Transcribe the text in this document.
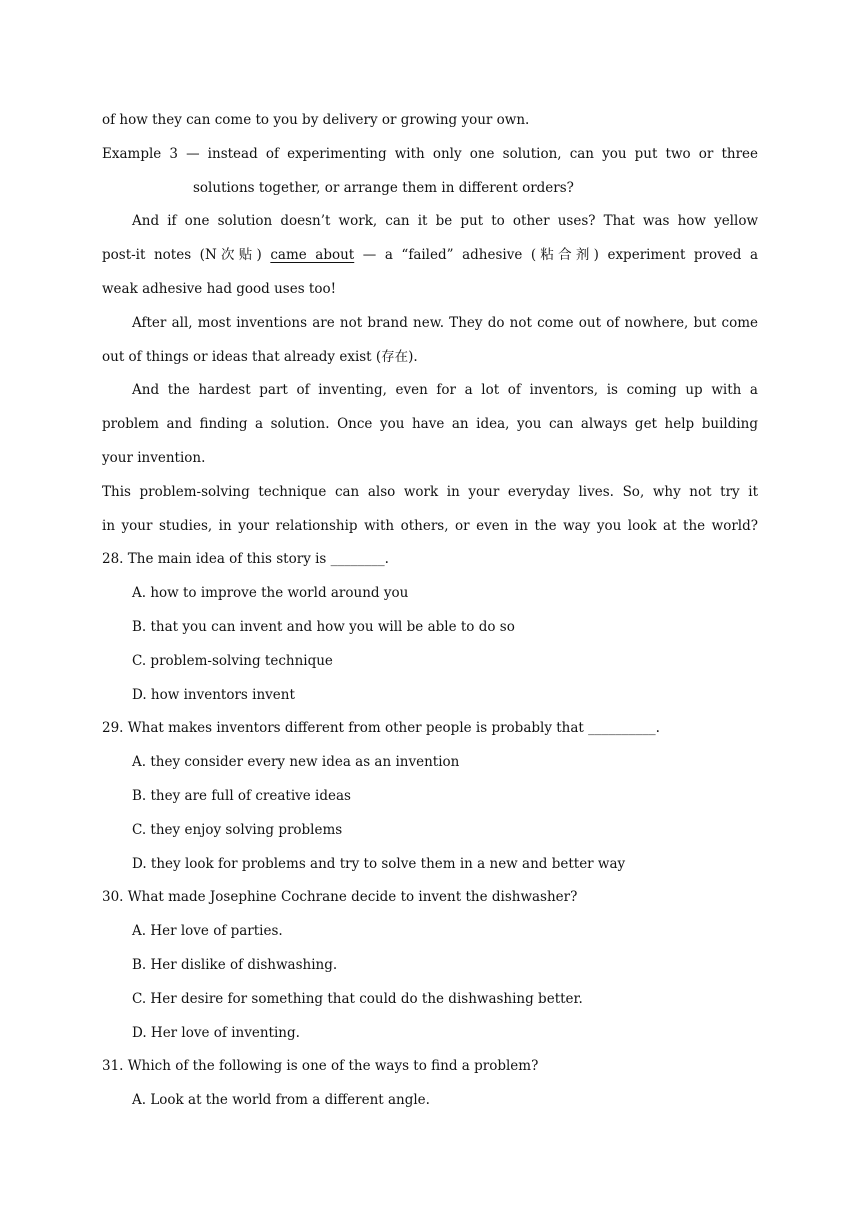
of how they can come to you by delivery or growing your own.
Example 3 — instead of experimenting with only one solution, can you put two or three
solutions together, or arrange them in different orders?
And if one solution doesn’t work, can it be put to other uses? That was how yellow
post-it notes (N次贴) came about — a “failed” adhesive (粘合剂) experiment proved a
weak adhesive had good uses too!
After all, most inventions are not brand new. They do not come out of nowhere, but come
out of things or ideas that already exist (存在).
And the hardest part of inventing, even for a lot of inventors, is coming up with a
problem and finding a solution. Once you have an idea, you can always get help building
your invention.
This problem-solving technique can also work in your everyday lives. So, why not try it
in your studies, in your relationship with others, or even in the way you look at the world?
28. The main idea of this story is ________.
A. how to improve the world around you
B. that you can invent and how you will be able to do so
C. problem-solving technique
D. how inventors invent
29. What makes inventors different from other people is probably that __________.
A. they consider every new idea as an invention
B. they are full of creative ideas
C. they enjoy solving problems
D. they look for problems and try to solve them in a new and better way
30. What made Josephine Cochrane decide to invent the dishwasher?
A. Her love of parties.
B. Her dislike of dishwashing.
C. Her desire for something that could do the dishwashing better.
D. Her love of inventing.
31. Which of the following is one of the ways to find a problem?
A. Look at the world from a different angle.
